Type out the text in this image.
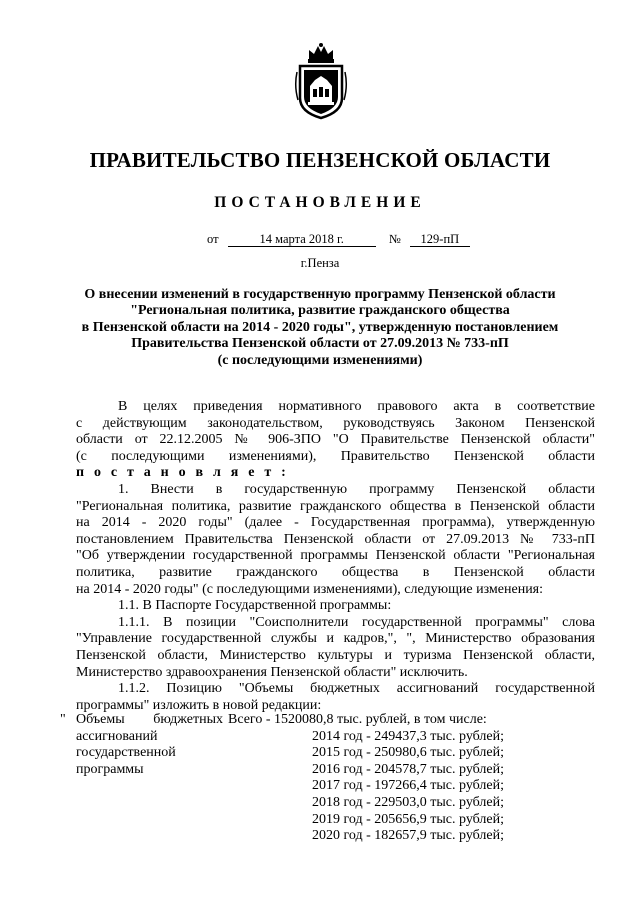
ПРАВИТЕЛЬСТВО ПЕНЗЕНСКОЙ ОБЛАСТИ
ПОСТАНОВЛЕНИЕ
от	14 марта 2018 г.	№ 129-пП
г.Пенза
О внесении изменений в государственную программу Пензенской области
"Региональная политика, развитие гражданского общества
в Пензенской области на 2014 - 2020 годы", утвержденную постановлением
Правительства Пензенской области от 27.09.2013 № 733-пП
(с последующими изменениями)

В целях приведения нормативного правового акта в соответствие

с действующим законодательством, руководствуясь Законом Пензенской

области от 22.12.2005 № 906-ЗПО "О Правительстве Пензенской области"

(с последующими изменениями), Правительство Пензенской области

п о с т а н о в л я е т :

1. Внести в государственную программу Пензенской области

"Региональная политика, развитие гражданского общества в Пензенской области

на 2014 - 2020 годы" (далее - Государственная программа), утвержденную

постановлением Правительства Пензенской области от 27.09.2013 № 733-пП

"Об утверждении государственной программы Пензенской области "Региональная

политика, развитие гражданского общества в Пензенской области

на 2014 - 2020 годы" (с последующими изменениями), следующие изменения:

1.1. В Паспорте Государственной программы:

1.1.1. В позиции "Соисполнители государственной программы" слова

"Управление государственной службы и кадров,", ", Министерство образования

Пензенской области, Министерство культуры и туризма Пензенской области,

Министерство здравоохранения Пензенской области" исключить.

1.1.2. Позицию "Объемы бюджетных ассигнований государственной

программы" изложить в новой редакции:

" Объемы бюджетных
ассигнований
государственной
программы
Всего - 1520080,8 тыс. рублей, в том числе:
2014 год - 249437,3 тыс. рублей;
2015 год - 250980,6 тыс. рублей;
2016 год - 204578,7 тыс. рублей;
2017 год - 197266,4 тыс. рублей;
2018 год - 229503,0 тыс. рублей;
2019 год - 205656,9 тыс. рублей;
2020 год - 182657,9 тыс. рублей;
